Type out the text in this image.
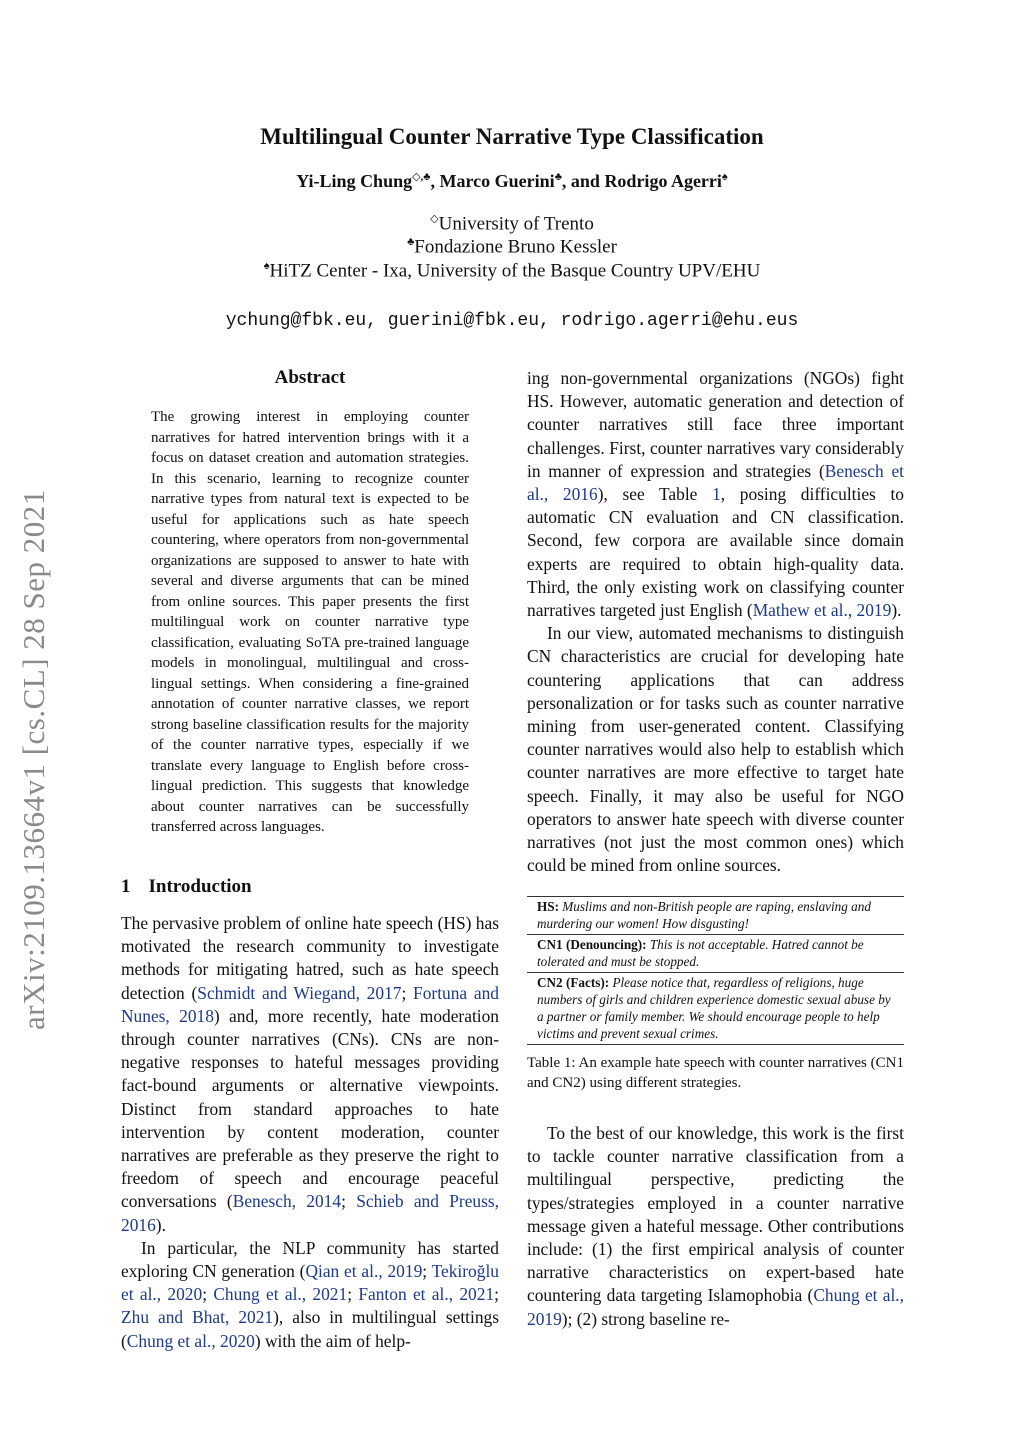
arXiv:2109.13664v1 [cs.CL] 28 Sep 2021
Multilingual Counter Narrative Type Classification
Yi-Ling Chung◇,♣, Marco Guerini♣, and Rodrigo Agerri♠
◇University of Trento
♣Fondazione Bruno Kessler
♠HiTZ Center - Ixa, University of the Basque Country UPV/EHU
ychung@fbk.eu, guerini@fbk.eu, rodrigo.agerri@ehu.eus
Abstract
The growing interest in employing counter narratives for hatred intervention brings with it a focus on dataset creation and automation strategies. In this scenario, learning to recognize counter narrative types from natural text is expected to be useful for applications such as hate speech countering, where operators from non-governmental organizations are supposed to answer to hate with several and diverse arguments that can be mined from online sources. This paper presents the first multilingual work on counter narrative type classification, evaluating SoTA pre-trained language models in monolingual, multilingual and cross-lingual settings. When considering a fine-grained annotation of counter narrative classes, we report strong baseline classification results for the majority of the counter narrative types, especially if we translate every language to English before cross-lingual prediction. This suggests that knowledge about counter narratives can be successfully transferred across languages.
1 Introduction

The pervasive problem of online hate speech (HS) has motivated the research community to investigate methods for mitigating hatred, such as hate speech detection (Schmidt and Wiegand, 2017; Fortuna and Nunes, 2018) and, more recently, hate moderation through counter narratives (CNs). CNs are non-negative responses to hateful messages providing fact-bound arguments or alternative viewpoints. Distinct from standard approaches to hate intervention by content moderation, counter narratives are preferable as they preserve the right to freedom of speech and encourage peaceful conversations (Benesch, 2014; Schieb and Preuss, 2016).

In particular, the NLP community has started exploring CN generation (Qian et al., 2019; Tekiroğlu et al., 2020; Chung et al., 2021; Fanton et al., 2021; Zhu and Bhat, 2021), also in multilingual settings (Chung et al., 2020) with the aim of help-

ing non-governmental organizations (NGOs) fight HS. However, automatic generation and detection of counter narratives still face three important challenges. First, counter narratives vary considerably in manner of expression and strategies (Benesch et al., 2016), see Table 1, posing difficulties to automatic CN evaluation and CN classification. Second, few corpora are available since domain experts are required to obtain high-quality data. Third, the only existing work on classifying counter narratives targeted just English (Mathew et al., 2019).

In our view, automated mechanisms to distinguish CN characteristics are crucial for developing hate countering applications that can address personalization or for tasks such as counter narrative mining from user-generated content. Classifying counter narratives would also help to establish which counter narratives are more effective to target hate speech. Finally, it may also be useful for NGO operators to answer hate speech with diverse counter narratives (not just the most common ones) which could be mined from online sources.

HS: Muslims and non-British people are raping, enslaving and murdering our women! How disgusting!
CN1 (Denouncing): This is not acceptable. Hatred cannot be tolerated and must be stopped.
CN2 (Facts): Please notice that, regardless of religions, huge numbers of girls and children experience domestic sexual abuse by a partner or family member. We should encourage people to help victims and prevent sexual crimes.
Table 1: An example hate speech with counter narratives (CN1 and CN2) using different strategies.

To the best of our knowledge, this work is the first to tackle counter narrative classification from a multilingual perspective, predicting the types/strategies employed in a counter narrative message given a hateful message. Other contributions include: (1) the first empirical analysis of counter narrative characteristics on expert-based hate countering data targeting Islamophobia (Chung et al., 2019); (2) strong baseline re-
